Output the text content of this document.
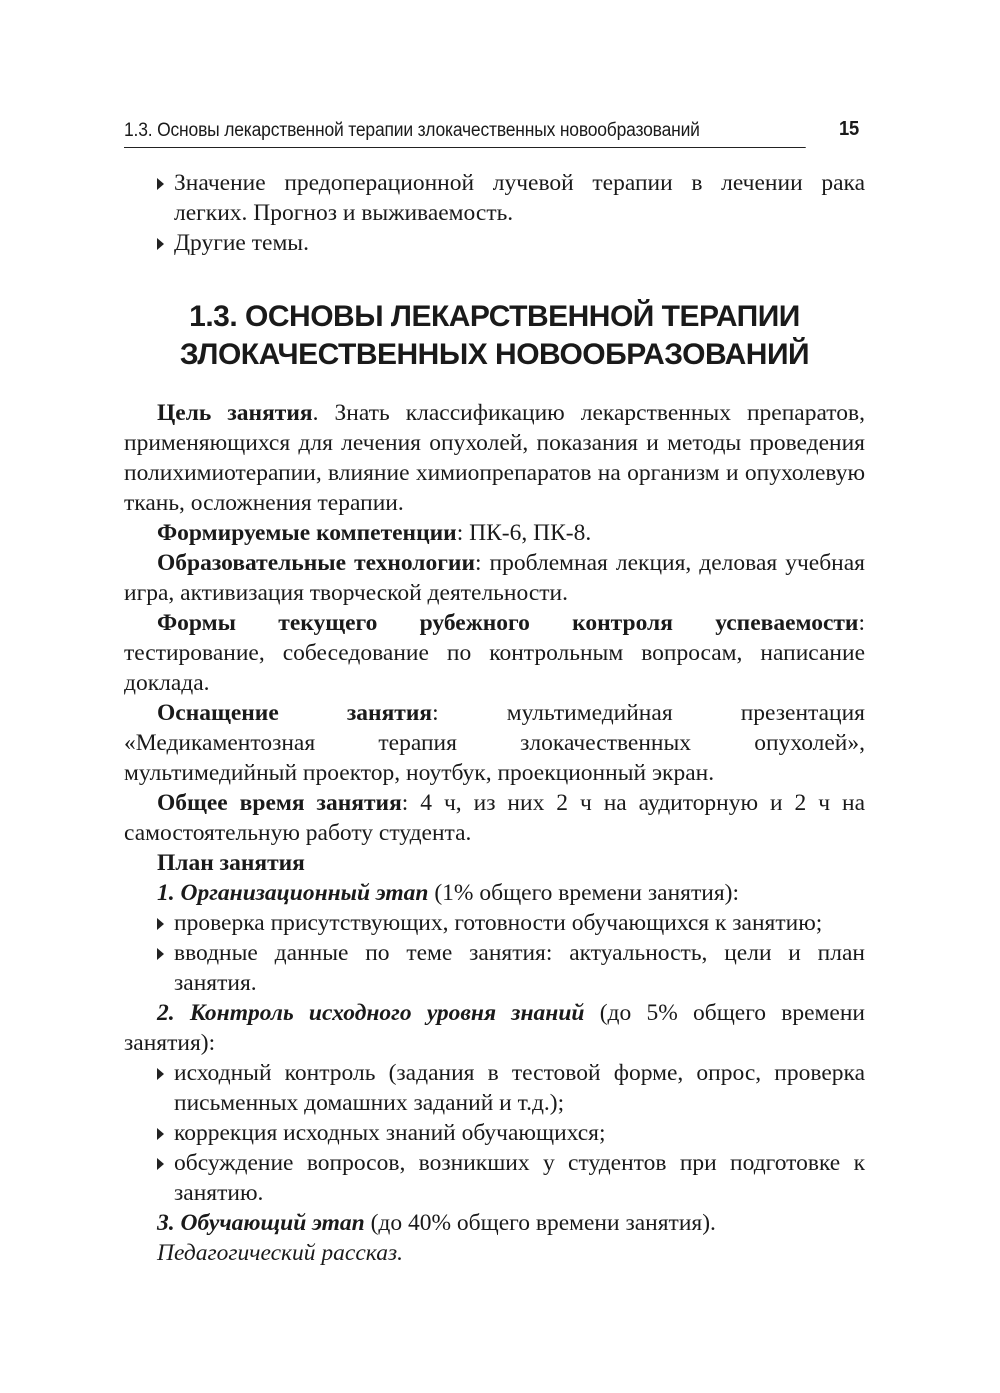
1.3. Основы лекарственной терапии злокачественных новообразований	15

Значение предоперационной лучевой терапии в лечении рака легких. Прогноз и выживаемость.

Другие темы.

1.3. ОСНОВЫ ЛЕКАРСТВЕННОЙ ТЕРАПИИ
ЗЛОКАЧЕСТВЕННЫХ НОВООБРАЗОВАНИЙ

Цель занятия. Знать классификацию лекарственных препаратов, применяющихся для лечения опухолей, показания и методы проведения полихимиотерапии, влияние химиопрепаратов на организм и опухолевую ткань, осложнения терапии.

Формируемые компетенции: ПК-6, ПК-8.

Образовательные технологии: проблемная лекция, деловая учебная игра, активизация творческой деятельности.

Формы текущего рубежного контроля успеваемости: тестирование, собеседование по контрольным вопросам, написание доклада.

Оснащение занятия: мультимедийная презентация «Медикаментозная терапия злокачественных опухолей», мультимедийный проектор, ноутбук, проекционный экран.

Общее время занятия: 4 ч, из них 2 ч на аудиторную и 2 ч на самостоятельную работу студента.

План занятия

1. Организационный этап (1% общего времени занятия):

проверка присутствующих, готовности обучающихся к занятию;

вводные данные по теме занятия: актуальность, цели и план занятия.

2. Контроль исходного уровня знаний (до 5% общего времени занятия):

исходный контроль (задания в тестовой форме, опрос, проверка письменных домашних заданий и т.д.);

коррекция исходных знаний обучающихся;

обсуждение вопросов, возникших у студентов при подготовке к занятию.

3. Обучающий этап (до 40% общего времени занятия).

Педагогический рассказ.
